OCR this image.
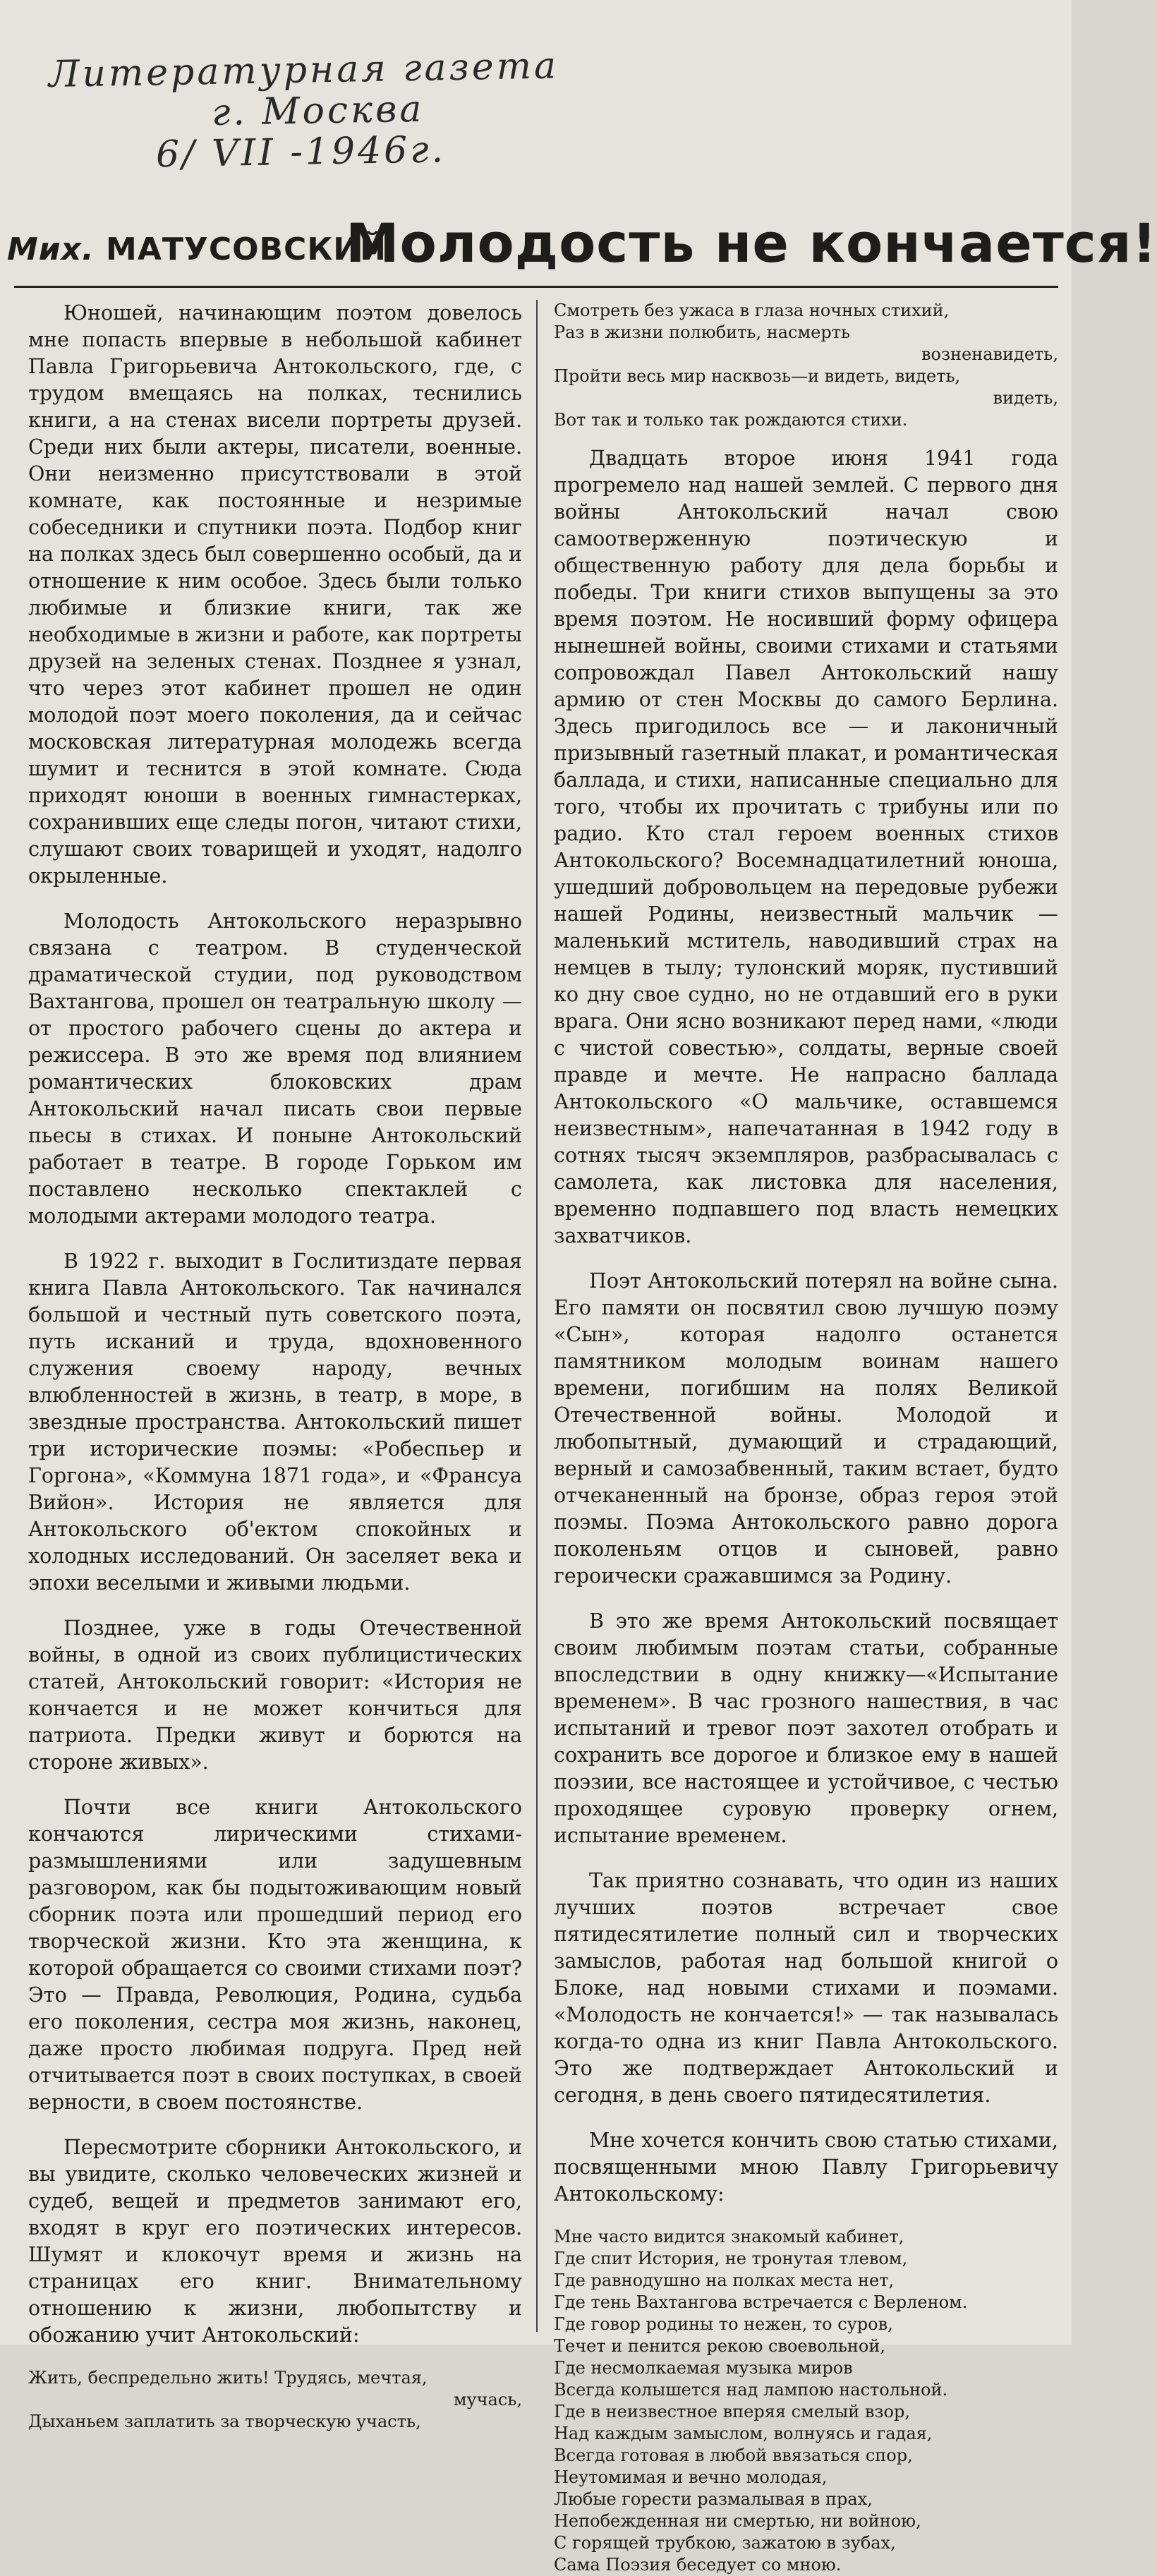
Литературная газета
г. Москва
6/ VII -1946г.
Мих. МАТУСОВСКИЙ
Молодость не кончается!

Юношей, начинающим поэтом довелось мне попасть впервые в небольшой кабинет Павла Григорьевича Антокольского, где, с трудом вмещаясь на полках, теснились книги, а на стенах висели портреты друзей. Среди них были актеры, писатели, военные. Они неизменно присутствовали в этой комнате, как постоянные и незримые собеседники и спутники поэта. Подбор книг на полках здесь был совершенно особый, да и отношение к ним особое. Здесь были только любимые и близкие книги, так же необходимые в жизни и работе, как портреты друзей на зеленых стенах. Позднее я узнал, что через этот кабинет прошел не один молодой поэт моего поколения, да и сейчас московская литературная молодежь всегда шумит и теснится в этой комнате. Сюда приходят юноши в военных гимнастерках, сохранивших еще следы погон, читают стихи, слушают своих товарищей и уходят, надолго окрыленные.

Молодость Антокольского неразрывно связана с театром. В студенческой драматической студии, под руководством Вахтангова, прошел он театральную школу — от простого рабочего сцены до актера и режиссера. В это же время под влиянием романтических блоковских драм Антокольский начал писать свои первые пьесы в стихах. И поныне Антокольский работает в театре. В городе Горьком им поставлено несколько спектаклей с молодыми актерами молодого театра.

В 1922 г. выходит в Гослитиздате первая книга Павла Антокольского. Так начинался большой и честный путь советского поэта, путь исканий и труда, вдохновенного служения своему народу, вечных влюбленностей в жизнь, в театр, в море, в звездные пространства. Антокольский пишет три исторические поэмы: «Робеспьер и Горгона», «Коммуна 1871 года», и «Франсуа Вийон». История не является для Антокольского об'ектом спокойных и холодных исследований. Он заселяет века и эпохи веселыми и живыми людьми.

Позднее, уже в годы Отечественной войны, в одной из своих публицистических статей, Антокольский говорит: «История не кончается и не может кончиться для патриота. Предки живут и борются на стороне живых».

Почти все книги Антокольского кончаются лирическими стихами-размышлениями или задушевным разговором, как бы подытоживающим новый сборник поэта или прошедший период его творческой жизни. Кто эта женщина, к которой обращается со своими стихами поэт? Это — Правда, Революция, Родина, судьба его поколения, сестра моя жизнь, наконец, даже просто любимая подруга. Пред ней отчитывается поэт в своих поступках, в своей верности, в своем постоянстве.

Пересмотрите сборники Антокольского, и вы увидите, сколько человеческих жизней и судеб, вещей и предметов занимают его, входят в круг его поэтических интересов. Шумят и клокочут время и жизнь на страницах его книг. Внимательному отношению к жизни, любопытству и обожанию учит Антокольский:

Жить, беспредельно жить! Трудясь, мечтая,
мучась,
Дыханьем заплатить за творческую участь,
Смотреть без ужаса в глаза ночных стихий,
Раз в жизни полюбить, насмерть
возненавидеть,
Пройти весь мир насквозь—и видеть, видеть,
видеть,
Вот так и только так рождаются стихи.

Двадцать второе июня 1941 года прогремело над нашей землей. С первого дня войны Антокольский начал свою самоотверженную поэтическую и общественную работу для дела борьбы и победы. Три книги стихов выпущены за это время поэтом. Не носивший форму офицера нынешней войны, своими стихами и статьями сопровождал Павел Антокольский нашу армию от стен Москвы до самого Берлина. Здесь пригодилось все — и лаконичный призывный газетный плакат, и романтическая баллада, и стихи, написанные специально для того, чтобы их прочитать с трибуны или по радио. Кто стал героем военных стихов Антокольского? Восемнадцатилетний юноша, ушедший добровольцем на передовые рубежи нашей Родины, неизвестный мальчик — маленький мститель, наводивший страх на немцев в тылу; тулонский моряк, пустивший ко дну свое судно, но не отдавший его в руки врага. Они ясно возникают перед нами, «люди с чистой совестью», солдаты, верные своей правде и мечте. Не напрасно баллада Антокольского «О мальчике, оставшемся неизвестным», напечатанная в 1942 году в сотнях тысяч экземпляров, разбрасывалась с самолета, как листовка для населения, временно подпавшего под власть немецких захватчиков.

Поэт Антокольский потерял на войне сына. Его памяти он посвятил свою лучшую поэму «Сын», которая надолго останется памятником молодым воинам нашего времени, погибшим на полях Великой Отечественной войны. Молодой и любопытный, думающий и страдающий, верный и самозабвенный, таким встает, будто отчеканенный на бронзе, образ героя этой поэмы. Поэма Антокольского равно дорога поколеньям отцов и сыновей, равно героически сражавшимся за Родину.

В это же время Антокольский посвящает своим любимым поэтам статьи, собранные впоследствии в одну книжку—«Испытание временем». В час грозного нашествия, в час испытаний и тревог поэт захотел отобрать и сохранить все дорогое и близкое ему в нашей поэзии, все настоящее и устойчивое, с честью проходящее суровую проверку огнем, испытание временем.

Так приятно сознавать, что один из наших лучших поэтов встречает свое пятидесятилетие полный сил и творческих замыслов, работая над большой книгой о Блоке, над новыми стихами и поэмами. «Молодость не кончается!» — так называлась когда-то одна из книг Павла Антокольского. Это же подтверждает Антокольский и сегодня, в день своего пятидесятилетия.

Мне хочется кончить свою статью стихами, посвященными мною Павлу Григорьевичу Антокольскому:

Мне часто видится знакомый кабинет,
Где спит История, не тронутая тлевом,
Где равнодушно на полках места нет,
Где тень Вахтангова встречается с Верленом.
Где говор родины то нежен, то суров,
Течет и пенится рекою своевольной,
Где несмолкаемая музыка миров
Всегда колышется над лампою настольной.
Где в неизвестное вперяя смелый взор,
Над каждым замыслом, волнуясь и гадая,
Всегда готовая в любой ввязаться спор,
Неутомимая и вечно молодая,
Любые горести размалывая в прах,
Непобежденная ни смертью, ни войною,
С горящей трубкою, зажатою в зубах,
Сама Поэзия беседует со мною.
